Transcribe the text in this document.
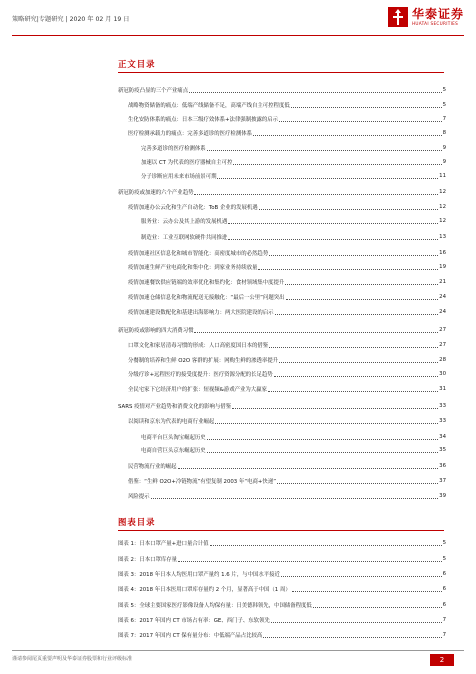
策略研究|专题研究 | 2020 年 02 月 19 日	华泰证券
HUATAI SECURITIES
正文目录
新冠防疫凸显的三个产业痛点	5
战略物资储备的痛点：低端产线储备不足，高端产线自主可控程度低	5
生化安防体系的痛点：日本三级疗效体系+法律强制披露的启示	7
医疗检测承载力的痛点：完善多道诊的医疗检测体系	8
完善多道诊的医疗检测体系	9
加速以 CT 为代表的医疗器械自主可控	9
分子诊断应用未来市场前景可期	11
新冠防疫或加速的六个产业趋势	12
疫情加速办公云化和生产自动化：ToB 企业的发展机遇	12
服务业：云办公及其上游的发展机遇	12
制造业：工业互联网软硬件共同推进	13
疫情加速社区信息化和城市智能化：高密度城市的必然趋势	16
疫情加速生鲜产业电商化和集中化：到家业务持续放量	19
疫情加速餐饮供应链端的效率优化和集约化：食材领域集中度提升	21
疫情加速仓储信息化和物流配送无接触化：“最后一公里”问题突出	24
疫情加速建设数配化和基建出海影响力：两大医院建设的启示	24
新冠防疫或影响的四大消费习惯	27
口罩文化和家居清毒习惯的形成：人口高密度国日本的借鉴	27
分餐制的培养和生鲜 O2O 客群的扩展：网购生鲜的渗透率提升	28
分级疗诊+远程医疗的接受度提升：医疗资源分配的长足趋势	30
全民宅家下它经济用户的扩张：短视频&游戏产业为大赢家	31
SARS 疫情对产业趋势和消费文化的影响与借鉴	33
以阅读和京东为代表的电商行业崛起	33
电商平台巨头淘宝崛起历史	34
电商自营巨头京东崛起历史	35
民营物流行业的崛起	36
借鉴：“生鲜 O2O+冷链物流”有望复制 2003 年“电商+快递”	37
风险提示	39
图表目录
图表 1：日本口罩产量+进口量合计值	5
图表 2：日本口罩库存量	5
图表 3：2018 年日本人均医用口罩产量约 1.6 片，与中国水平接近	6
图表 4：2018 年日本医用口罩库存量约 2 个月，显著高于中国（1 周）	6
图表 5：全球主要国家医疗影像设备人均保有量：日美德韩领先，中国储备程度低	6
图表 6：2017 年国内 CT 市场占有率：GE、西门子、东软领先	7
图表 7：2017 年国内 CT 保有量分布：中低端产品占比较高	7
谨请参阅尾页重要声明及华泰证券股票和行业评级标准	2
